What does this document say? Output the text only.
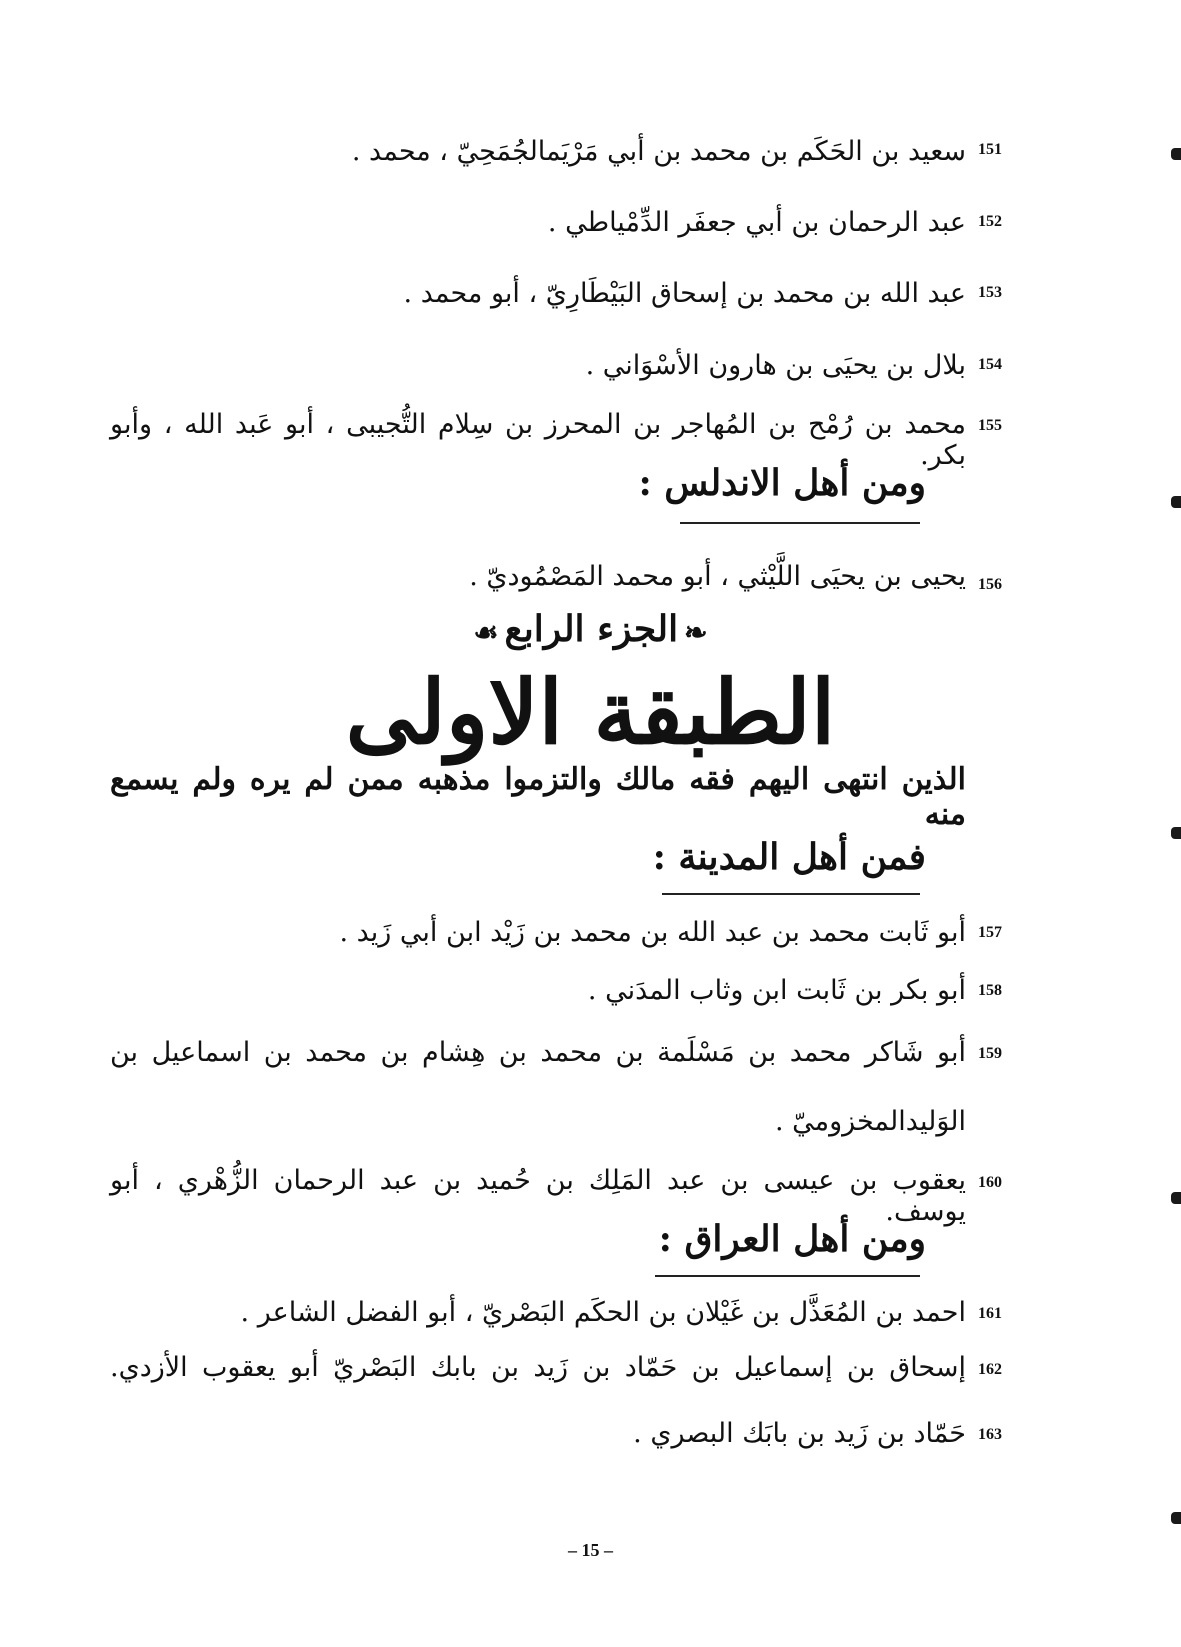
151
سعيد بن الحَكَم بن محمد بن أبي مَرْيَمالجُمَحِيّ ، محمد .
152
عبد الرحمان بن أبي جعفَر الدِّمْياطي .
153
عبد الله بن محمد بن إسحاق البَيْطَارِيّ ، أبو محمد .
154
بلال بن يحيَى بن هارون الأسْوَاني .
155
محمد بن رُمْح بن المُهاجر بن المحرز بن سِلام التُّجيبى ، أبو عَبد الله ، وأبو بكر.
ومن أهل الاندلس :
156
يحيى بن يحيَى اللَّيْثي ، أبو محمد المَصْمُوديّ .
❧الجزء الرابع☙
الطبقة الاولى
الذين انتهى اليهم فقه مالك والتزموا مذهبه ممن لم يره ولم يسمع منه
فمن أهل المدينة :
157
أبو ثَابت محمد بن عبد الله بن محمد بن زَيْد ابن أبي زَيد .
158
أبو بكر بن ثَابت ابن وثاب المدَني .
159
أبو شَاكر محمد بن مَسْلَمة بن محمد بن هِشام بن محمد بن اسماعيل بن
الوَليدالمخزوميّ .
160
يعقوب بن عيسى بن عبد المَلِك بن حُميد بن عبد الرحمان الزُّهْري ، أبو يوسف.
ومن أهل العراق :
161
احمد بن المُعَذَّل بن غَيْلان بن الحكَم البَصْريّ ، أبو الفضل الشاعر .
162
إسحاق بن إسماعيل بن حَمّاد بن زَيد بن بابك البَصْريّ أبو يعقوب الأزدي.
163
حَمّاد بن زَيد بن بابَك البصري .
– 15 –
